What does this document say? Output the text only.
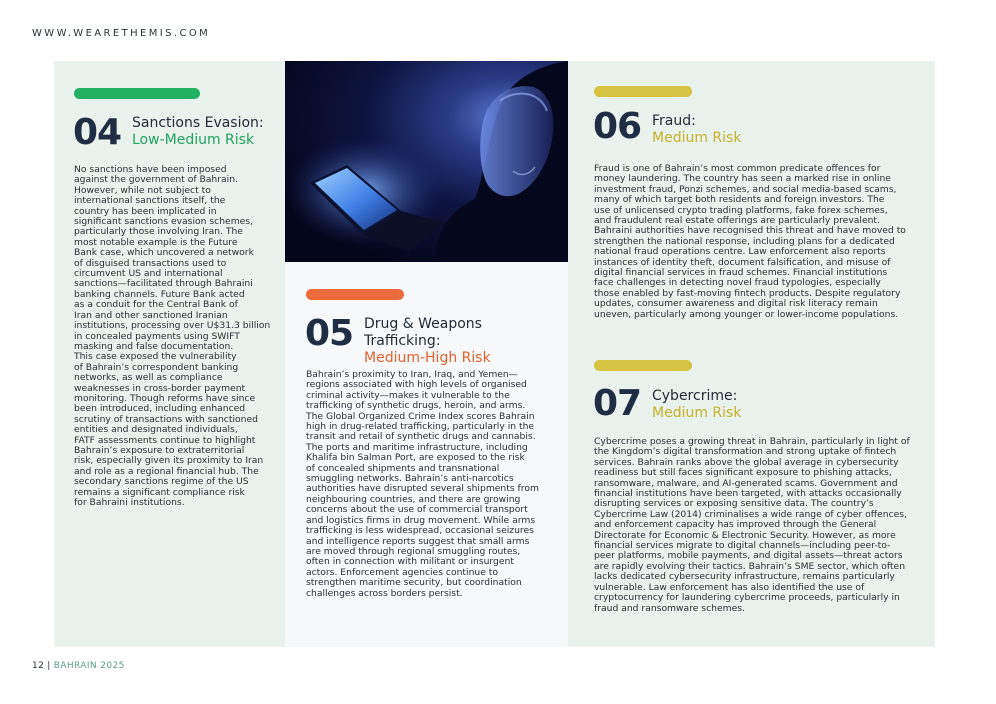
WWW.WEARETHEMIS.COM
04 Sanctions Evasion:
Low-Medium Risk
No sanctions have been imposed
against the government of Bahrain.
However, while not subject to
international sanctions itself, the
country has been implicated in
significant sanctions evasion schemes,
particularly those involving Iran. The
most notable example is the Future
Bank case, which uncovered a network
of disguised transactions used to
circumvent US and international
sanctions—facilitated through Bahraini
banking channels. Future Bank acted
as a conduit for the Central Bank of
Iran and other sanctioned Iranian
institutions, processing over U$31.3 billion
in concealed payments using SWIFT
masking and false documentation.
This case exposed the vulnerability
of Bahrain’s correspondent banking
networks, as well as compliance
weaknesses in cross-border payment
monitoring. Though reforms have since
been introduced, including enhanced
scrutiny of transactions with sanctioned
entities and designated individuals,
FATF assessments continue to highlight
Bahrain’s exposure to extraterritorial
risk, especially given its proximity to Iran
and role as a regional financial hub. The
secondary sanctions regime of the US
remains a significant compliance risk
for Bahraini institutions.
05 Drug & Weapons
Trafficking:
Medium-High Risk
Bahrain’s proximity to Iran, Iraq, and Yemen—
regions associated with high levels of organised
criminal activity—makes it vulnerable to the
trafficking of synthetic drugs, heroin, and arms.
The Global Organized Crime Index scores Bahrain
high in drug-related trafficking, particularly in the
transit and retail of synthetic drugs and cannabis.
The ports and maritime infrastructure, including
Khalifa bin Salman Port, are exposed to the risk
of concealed shipments and transnational
smuggling networks. Bahrain’s anti-narcotics
authorities have disrupted several shipments from
neighbouring countries, and there are growing
concerns about the use of commercial transport
and logistics firms in drug movement. While arms
trafficking is less widespread, occasional seizures
and intelligence reports suggest that small arms
are moved through regional smuggling routes,
often in connection with militant or insurgent
actors. Enforcement agencies continue to
strengthen maritime security, but coordination
challenges across borders persist.
06 Fraud:
Medium Risk
Fraud is one of Bahrain’s most common predicate offences for
money laundering. The country has seen a marked rise in online
investment fraud, Ponzi schemes, and social media-based scams,
many of which target both residents and foreign investors. The
use of unlicensed crypto trading platforms, fake forex schemes,
and fraudulent real estate offerings are particularly prevalent.
Bahraini authorities have recognised this threat and have moved to
strengthen the national response, including plans for a dedicated
national fraud operations centre. Law enforcement also reports
instances of identity theft, document falsification, and misuse of
digital financial services in fraud schemes. Financial institutions
face challenges in detecting novel fraud typologies, especially
those enabled by fast-moving fintech products. Despite regulatory
updates, consumer awareness and digital risk literacy remain
uneven, particularly among younger or lower-income populations.
07 Cybercrime:
Medium Risk
Cybercrime poses a growing threat in Bahrain, particularly in light of
the Kingdom’s digital transformation and strong uptake of fintech
services. Bahrain ranks above the global average in cybersecurity
readiness but still faces significant exposure to phishing attacks,
ransomware, malware, and AI-generated scams. Government and
financial institutions have been targeted, with attacks occasionally
disrupting services or exposing sensitive data. The country’s
Cybercrime Law (2014) criminalises a wide range of cyber offences,
and enforcement capacity has improved through the General
Directorate for Economic & Electronic Security. However, as more
financial services migrate to digital channels—including peer-to-
peer platforms, mobile payments, and digital assets—threat actors
are rapidly evolving their tactics. Bahrain’s SME sector, which often
lacks dedicated cybersecurity infrastructure, remains particularly
vulnerable. Law enforcement has also identified the use of
cryptocurrency for laundering cybercrime proceeds, particularly in
fraud and ransomware schemes.
12 | BAHRAIN 2025
